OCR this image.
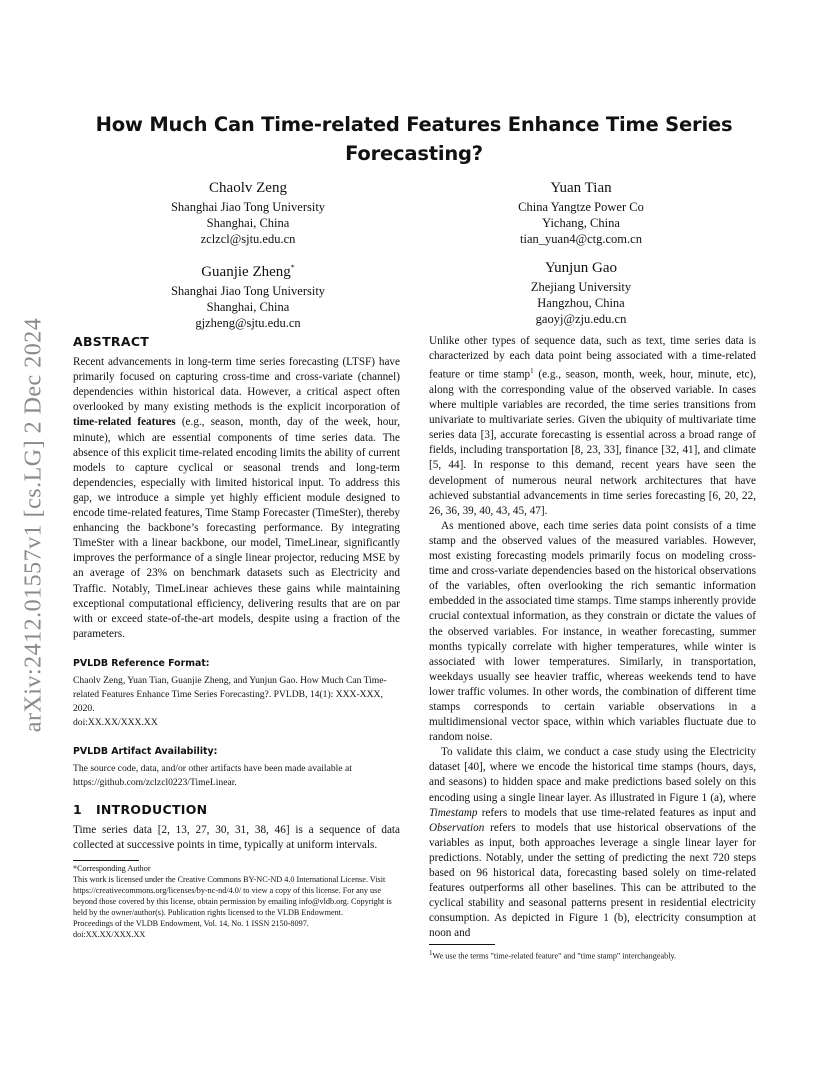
arXiv:2412.01557v1 [cs.LG] 2 Dec 2024
How Much Can Time-related Features Enhance Time Series Forecasting?
Chaolv Zeng
Shanghai Jiao Tong University
Shanghai, China
zclzcl@sjtu.edu.cn
Yuan Tian
China Yangtze Power Co
Yichang, China
tian_yuan4@ctg.com.cn
Guanjie Zheng*
Shanghai Jiao Tong University
Shanghai, China
gjzheng@sjtu.edu.cn
Yunjun Gao
Zhejiang University
Hangzhou, China
gaoyj@zju.edu.cn
ABSTRACT

Recent advancements in long-term time series forecasting (LTSF) have primarily focused on capturing cross-time and cross-variate (channel) dependencies within historical data. However, a critical aspect often overlooked by many existing methods is the explicit incorporation of time-related features (e.g., season, month, day of the week, hour, minute), which are essential components of time series data. The absence of this explicit time-related encoding limits the ability of current models to capture cyclical or seasonal trends and long-term dependencies, especially with limited historical input. To address this gap, we introduce a simple yet highly efficient module designed to encode time-related features, Time Stamp Forecaster (TimeSter), thereby enhancing the backbone’s forecasting performance. By integrating TimeSter with a linear backbone, our model, TimeLinear, significantly improves the performance of a single linear projector, reducing MSE by an average of 23% on benchmark datasets such as Electricity and Traffic. Notably, TimeLinear achieves these gains while maintaining exceptional computational efficiency, delivering results that are on par with or exceed state-of-the-art models, despite using a fraction of the parameters.

PVLDB Reference Format:
Chaolv Zeng, Yuan Tian, Guanjie Zheng, and Yunjun Gao. How Much Can Time-related Features Enhance Time Series Forecasting?. PVLDB, 14(1): XXX-XXX, 2020.
doi:XX.XX/XXX.XX
PVLDB Artifact Availability:
The source code, data, and/or other artifacts have been made available at https://github.com/zclzcl0223/TimeLinear.
1   INTRODUCTION

Time series data [2, 13, 27, 30, 31, 38, 46] is a sequence of data collected at successive points in time, typically at uniform intervals.

*Corresponding Author

This work is licensed under the Creative Commons BY-NC-ND 4.0 International License. Visit https://creativecommons.org/licenses/by-nc-nd/4.0/ to view a copy of this license. For any use beyond those covered by this license, obtain permission by emailing info@vldb.org. Copyright is held by the owner/author(s). Publication rights licensed to the VLDB Endowment.

Proceedings of the VLDB Endowment, Vol. 14, No. 1 ISSN 2150-8097.

doi:XX.XX/XXX.XX

Unlike other types of sequence data, such as text, time series data is characterized by each data point being associated with a time-related feature or time stamp$^1$ (e.g., season, month, week, hour, minute, etc), along with the corresponding value of the observed variable. In cases where multiple variables are recorded, the time series transitions from univariate to multivariate series. Given the ubiquity of multivariate time series data [3], accurate forecasting is essential across a broad range of fields, including transportation [8, 23, 33], finance [32, 41], and climate [5, 44]. In response to this demand, recent years have seen the development of numerous neural network architectures that have achieved substantial advancements in time series forecasting [6, 20, 22, 26, 36, 39, 40, 43, 45, 47].

As mentioned above, each time series data point consists of a time stamp and the observed values of the measured variables. However, most existing forecasting models primarily focus on modeling cross-time and cross-variate dependencies based on the historical observations of the variables, often overlooking the rich semantic information embedded in the associated time stamps. Time stamps inherently provide crucial contextual information, as they constrain or dictate the values of the observed variables. For instance, in weather forecasting, summer months typically correlate with higher temperatures, while winter is associated with lower temperatures. Similarly, in transportation, weekdays usually see heavier traffic, whereas weekends tend to have lower traffic volumes. In other words, the combination of different time stamps corresponds to certain variable observations in a multidimensional vector space, within which variables fluctuate due to random noise.

To validate this claim, we conduct a case study using the Electricity dataset [40], where we encode the historical time stamps (hours, days, and seasons) to hidden space and make predictions based solely on this encoding using a single linear layer. As illustrated in Figure 1 (a), where Timestamp refers to models that use time-related features as input and Observation refers to models that use historical observations of the variables as input, both approaches leverage a single linear layer for predictions. Notably, under the setting of predicting the next 720 steps based on 96 historical data, forecasting based solely on time-related features outperforms all other baselines. This can be attributed to the cyclical stability and seasonal patterns present in residential electricity consumption. As depicted in Figure 1 (b), electricity consumption at noon and

$^1$We use the terms "time-related feature" and "time stamp" interchangeably.
